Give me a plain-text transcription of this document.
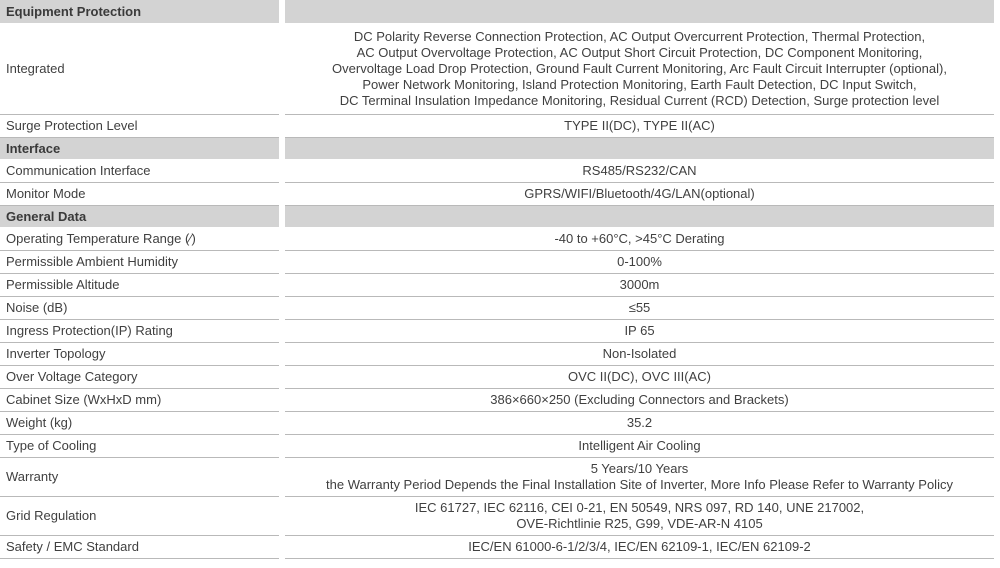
Equipment Protection		
Integrated		DC Polarity Reverse Connection Protection, AC Output Overcurrent Protection, Thermal Protection,
AC Output Overvoltage Protection, AC Output Short Circuit Protection, DC Component Monitoring,
Overvoltage Load Drop Protection, Ground Fault Current Monitoring, Arc Fault Circuit Interrupter (optional),
Power Network Monitoring, Island Protection Monitoring, Earth Fault Detection, DC Input Switch,
DC Terminal Insulation Impedance Monitoring, Residual Current (RCD) Detection, Surge protection level

Surge Protection Level		TYPE II(DC), TYPE II(AC)
Interface		
Communication Interface		RS485/RS232/CAN
Monitor Mode		GPRS/WIFI/Bluetooth/4G/LAN(optional)
General Data		
Operating Temperature Range (⁄)		-40 to +60°C, >45°C Derating
Permissible Ambient Humidity		0-100%
Permissible Altitude		3000m
Noise (dB)		≤55
Ingress Protection(IP) Rating		IP 65
Inverter Topology		Non-Isolated
Over Voltage Category		OVC II(DC), OVC III(AC)
Cabinet Size (WxHxD mm)		386×660×250 (Excluding Connectors and Brackets)
Weight (kg)		35.2
Type of Cooling		Intelligent Air Cooling
Warranty		5 Years/10 Years
the Warranty Period Depends the Final Installation Site of Inverter, More Info Please Refer to Warranty Policy

Grid Regulation		IEC 61727, IEC 62116, CEI 0-21, EN 50549, NRS 097, RD 140, UNE 217002,
OVE-Richtlinie R25, G99, VDE-AR-N 4105

Safety / EMC Standard		IEC/EN 61000-6-1/2/3/4, IEC/EN 62109-1, IEC/EN 62109-2
